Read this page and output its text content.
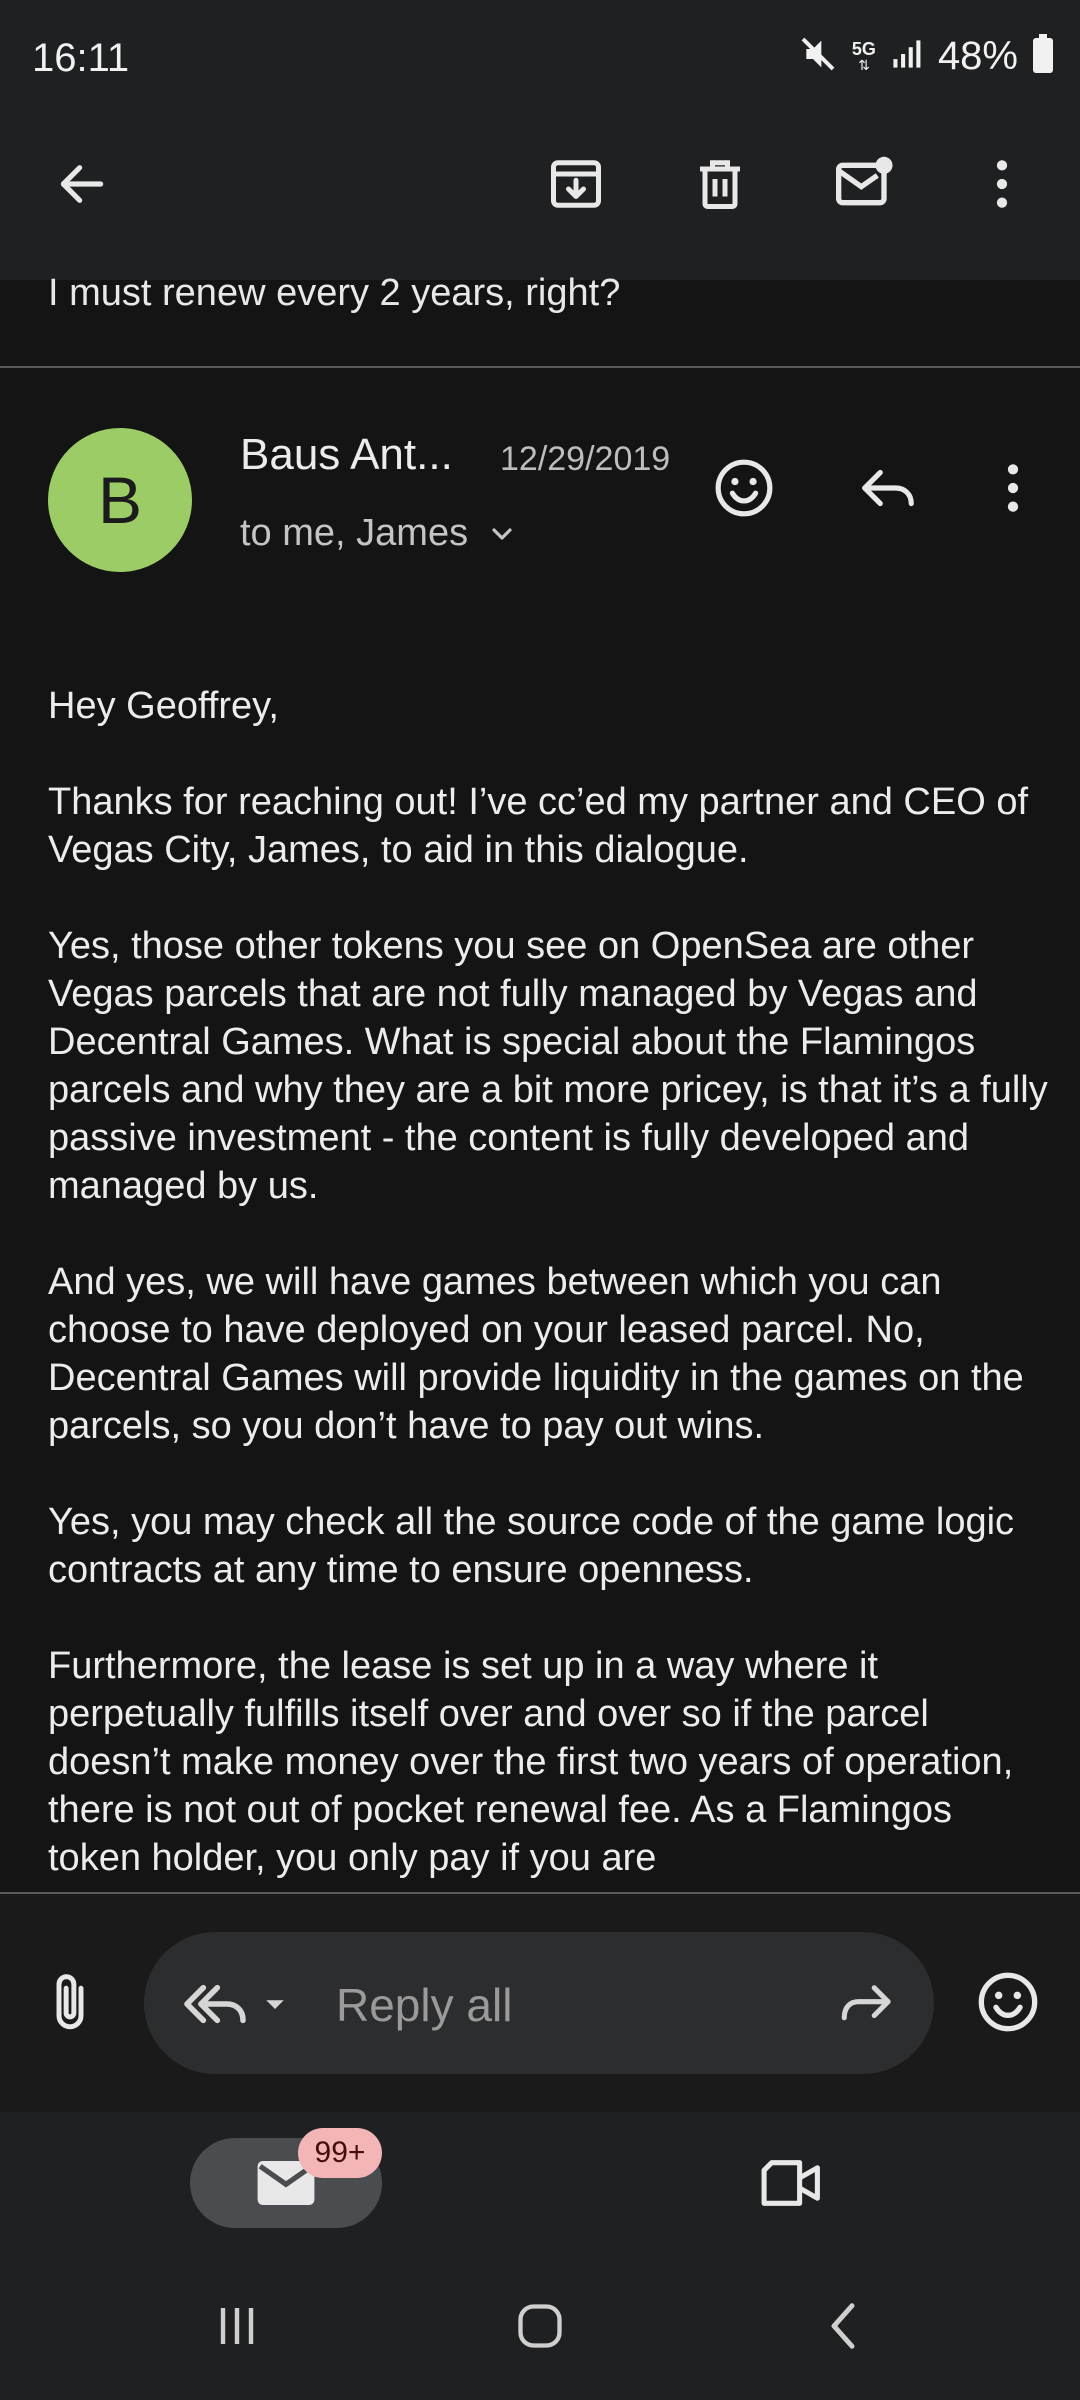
16:11	5G
⇅ 48%
I must renew every 2 years, right?
B
Baus Ant... 12/29/2019
to me, James

Hey Geoffrey,

Thanks for reaching out! I’ve cc’ed my partner and CEO of Vegas City, James, to aid in this dialogue.

Yes, those other tokens you see on OpenSea are other Vegas parcels that are not fully managed by Vegas and Decentral Games. What is special about the Flamingos parcels and why they are a bit more pricey, is that it’s a fully passive investment - the content is fully developed and managed by us.

And yes, we will have games between which you can choose to have deployed on your leased parcel. No, Decentral Games will provide liquidity in the games on the parcels, so you don’t have to pay out wins.

Yes, you may check all the source code of the game logic contracts at any time to ensure openness.

Furthermore, the lease is set up in a way where it perpetually fulfills itself over and over so if the parcel doesn’t make money over the first two years of operation, there is not out of pocket renewal fee. As a Flamingos token holder, you only pay if you are

Reply all
99+
